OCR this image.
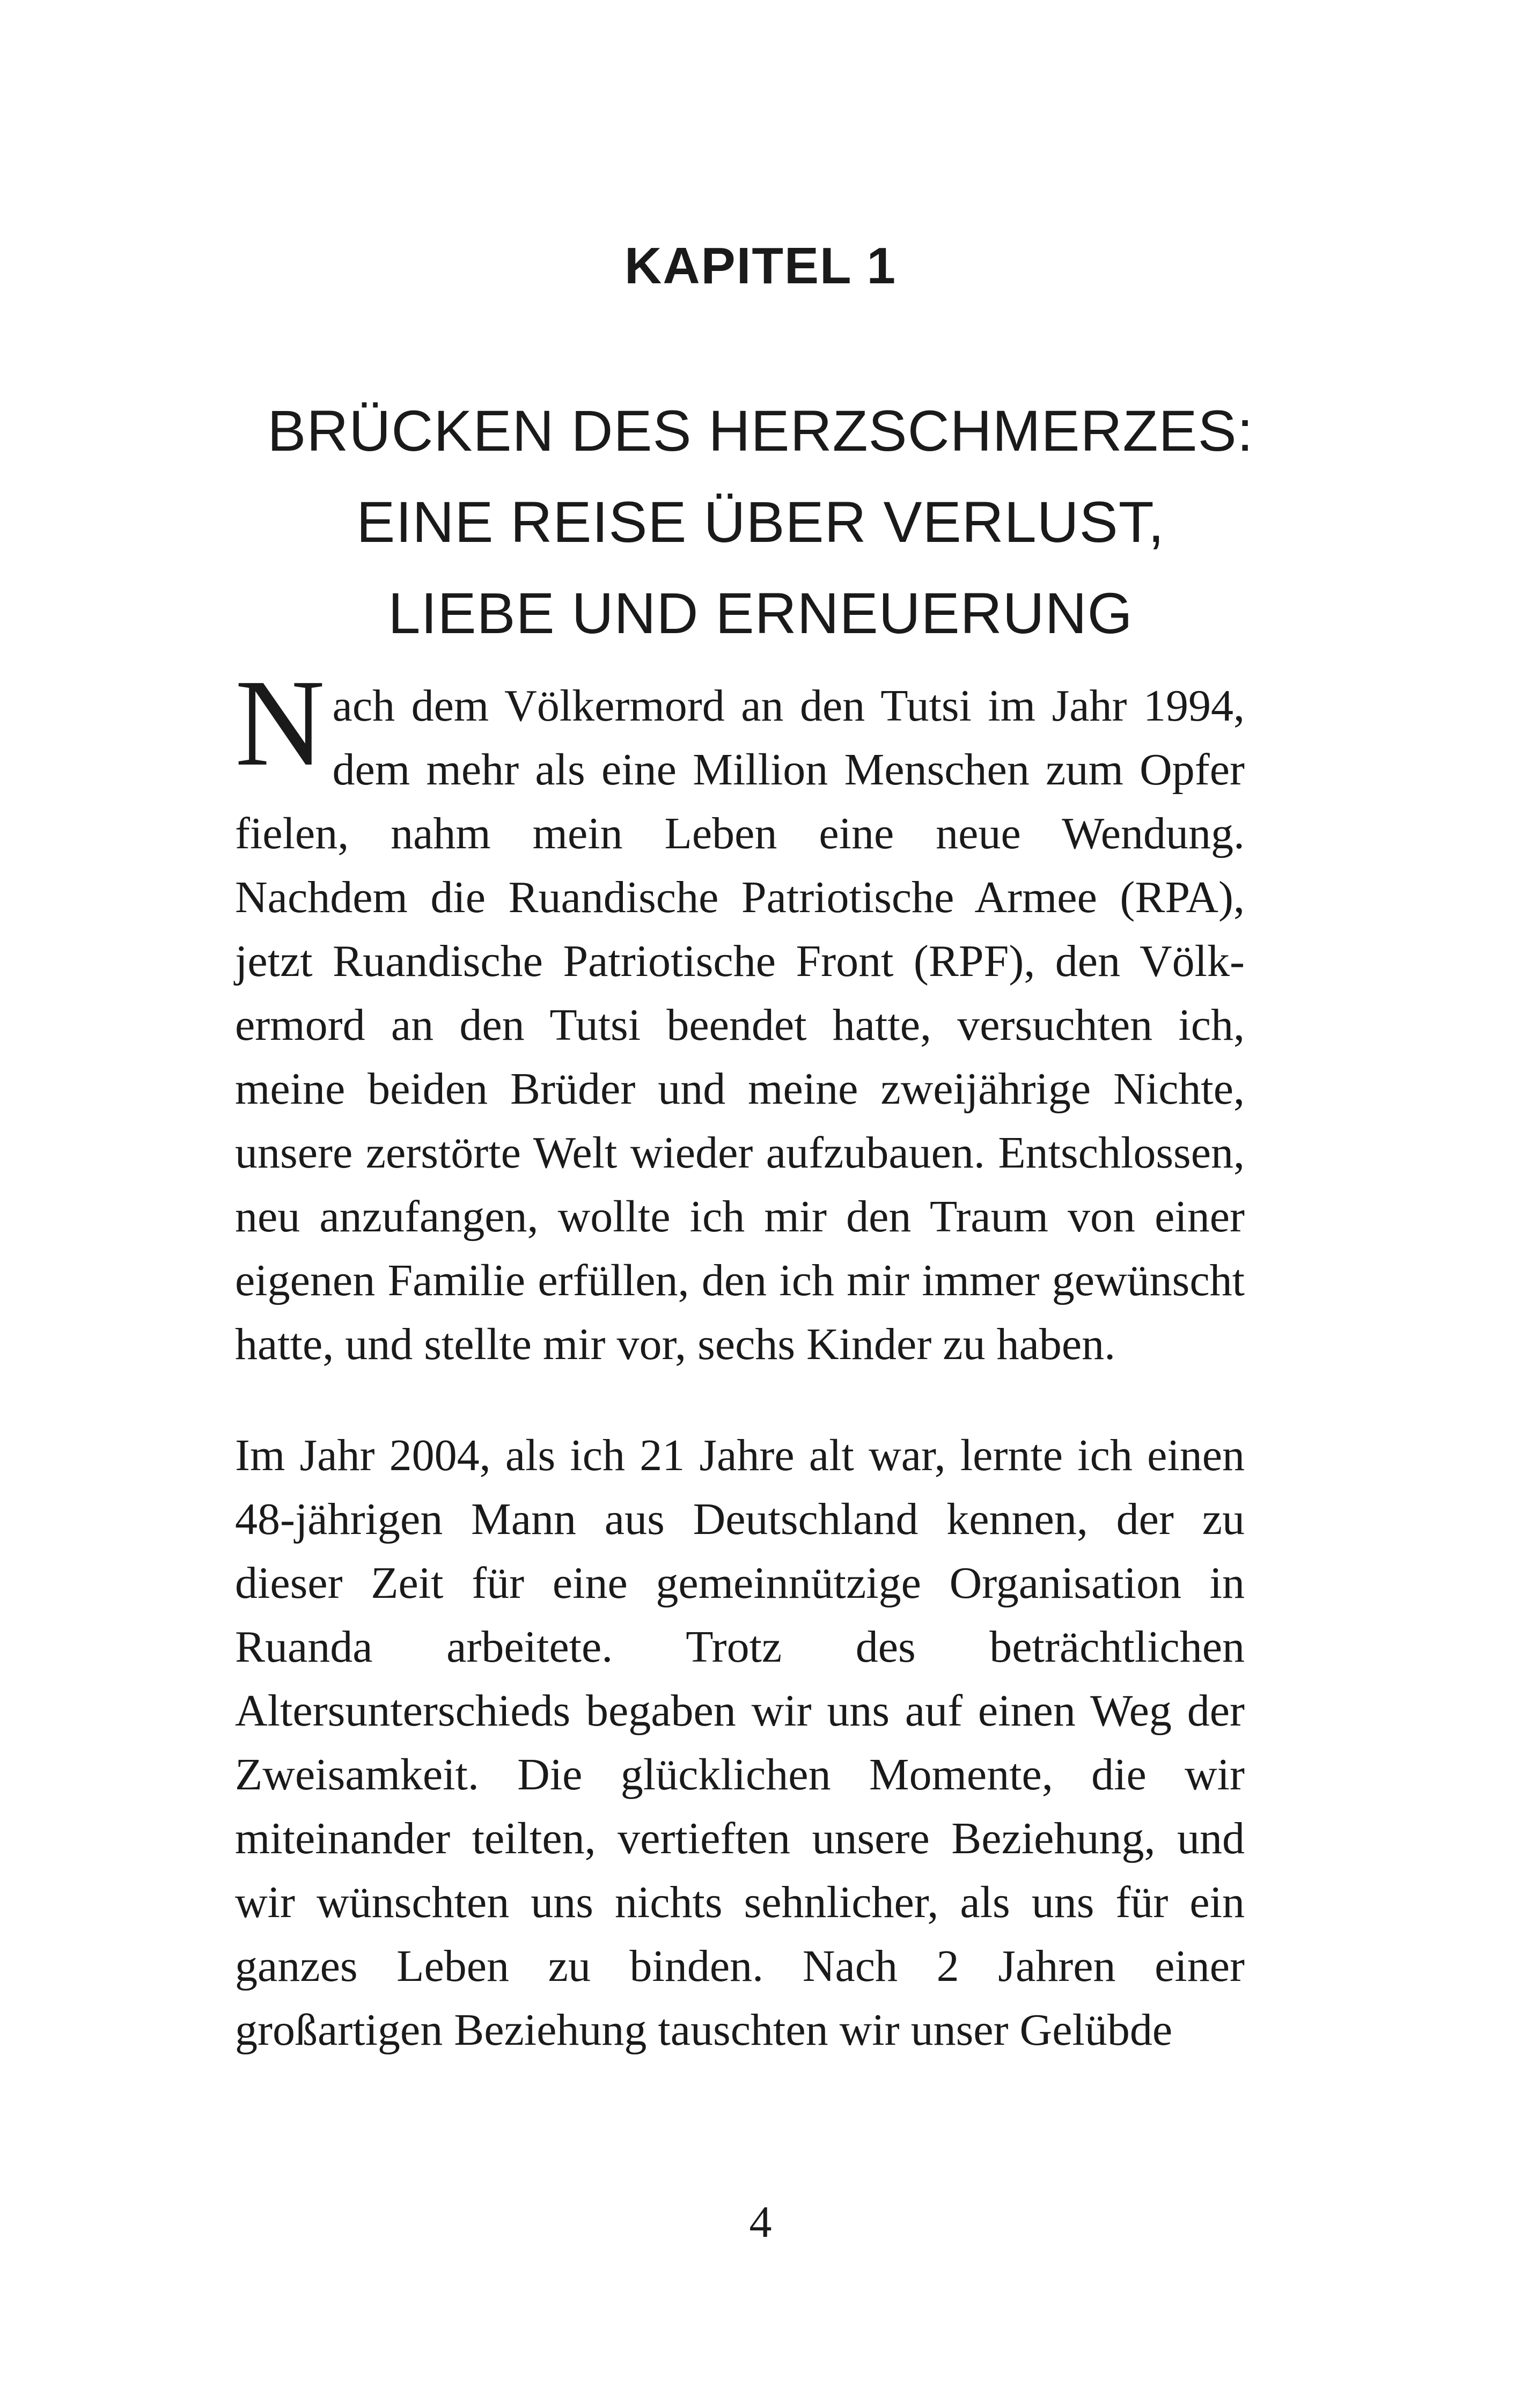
KAPITEL 1
BRÜCKEN DES HERZSCHMERZES:
EINE REISE ÜBER VERLUST,
LIEBE UND ERNEUERUNG

Nach dem Völkermord an den Tutsi im Jahr 1994, dem mehr als eine Million Menschen zum Opfer fielen, nahm mein Leben eine neue Wendung. Nachdem die Ruandische Patriotische Armee (RPA), jetzt Ruandische Patriotische Front (RPF), den Völkermord an den Tutsi beendet hatte, versuchten ich, meine beiden Brüder und meine zweijährige Nichte, unsere zerstörte Welt wieder aufzubauen. Entschlossen, neu anzufangen, wollte ich mir den Traum von einer eigenen Familie erfüllen, den ich mir immer gewünscht hatte, und stellte mir vor, sechs Kinder zu haben.

Im Jahr 2004, als ich 21 Jahre alt war, lernte ich einen 48-jährigen Mann aus Deutschland kennen, der zu dieser Zeit für eine gemeinnützige Organisation in Ruanda arbeitete. Trotz des beträchtlichen Altersunterschieds begaben wir uns auf einen Weg der Zweisamkeit. Die glücklichen Momente, die wir miteinander teilten, vertieften unsere Beziehung, und wir wünschten uns nichts sehnlicher, als uns für ein ganzes Leben zu binden. Nach 2 Jahren einer großartigen Beziehung tauschten wir unser Gelübde

4
